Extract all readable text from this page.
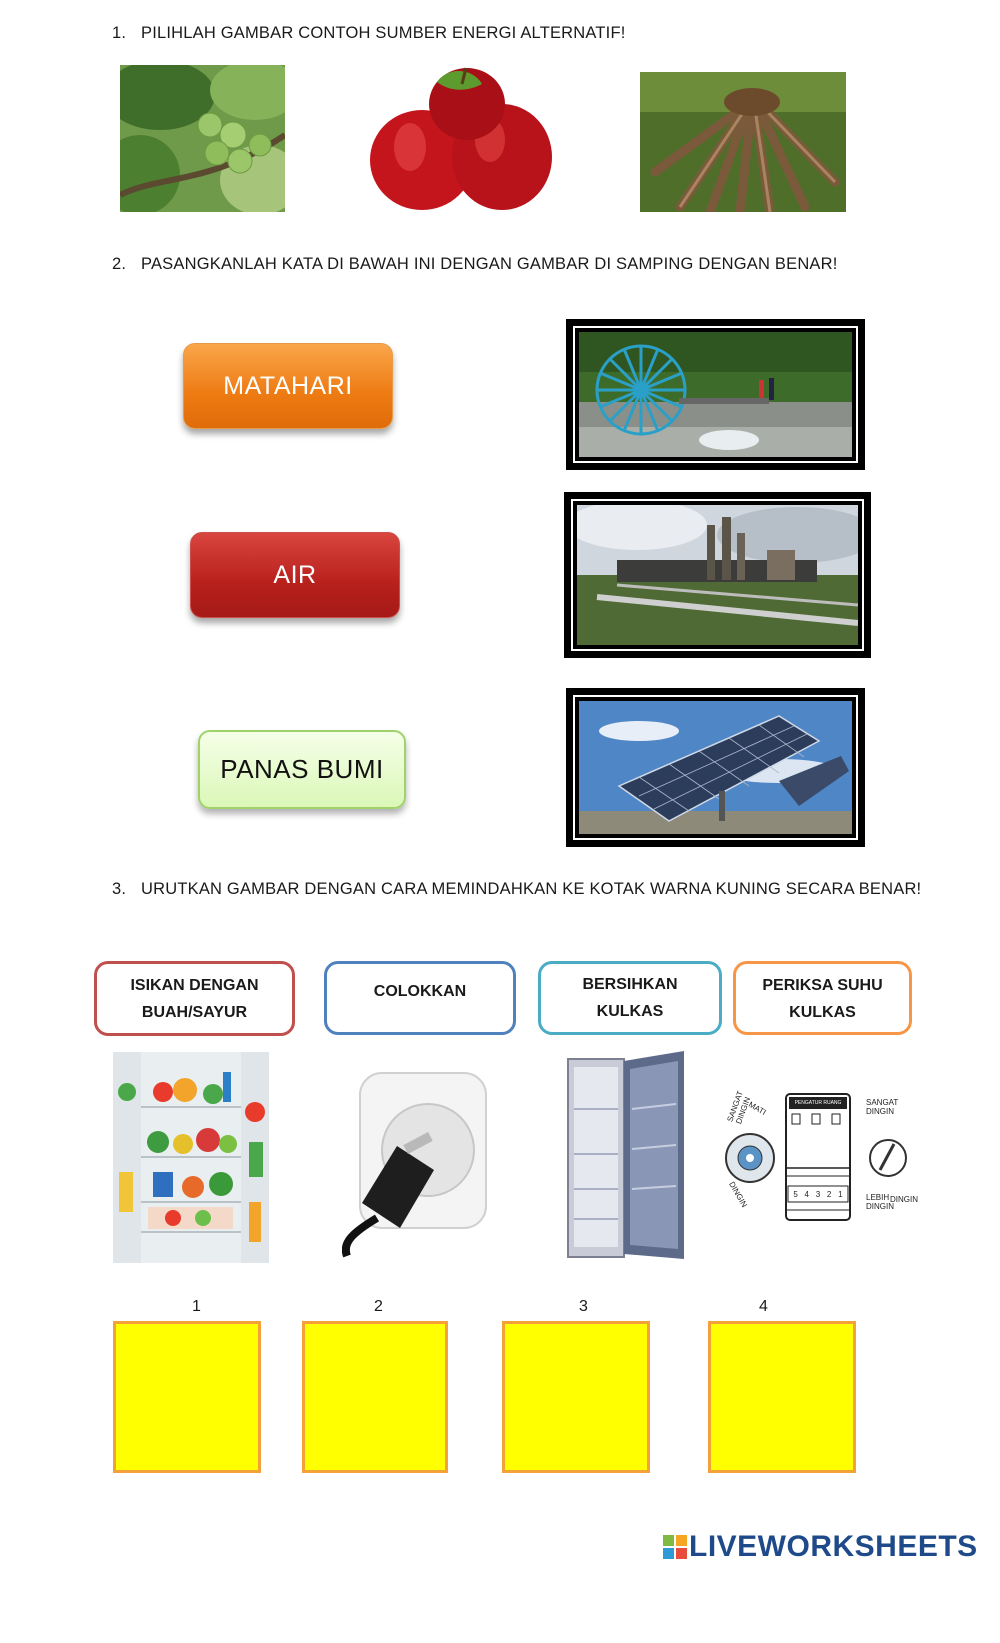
1. PILIHLAH GAMBAR CONTOH SUMBER ENERGI ALTERNATIF!
2. PASANGKANLAH KATA DI BAWAH INI DENGAN GAMBAR DI SAMPING DENGAN BENAR!
MATAHARI
AIR
PANAS BUMI
3. URUTKAN GAMBAR DENGAN CARA MEMINDAHKAN KE KOTAK WARNA KUNING SECARA BENAR!
ISIKAN DENGAN
BUAH/SAYUR
COLOKKAN	BERSIHKAN
KULKAS
PERIKSA SUHU
KULKAS
PENGATUR RUANG PEMBEKU
SANGAT DINGIN
MATI
DINGIN
SANGAT DINGIN
LEBIH DINGIN
DINGIN
5 4 3 2 1
1	2	3	4
LIVEWORKSHEETS
